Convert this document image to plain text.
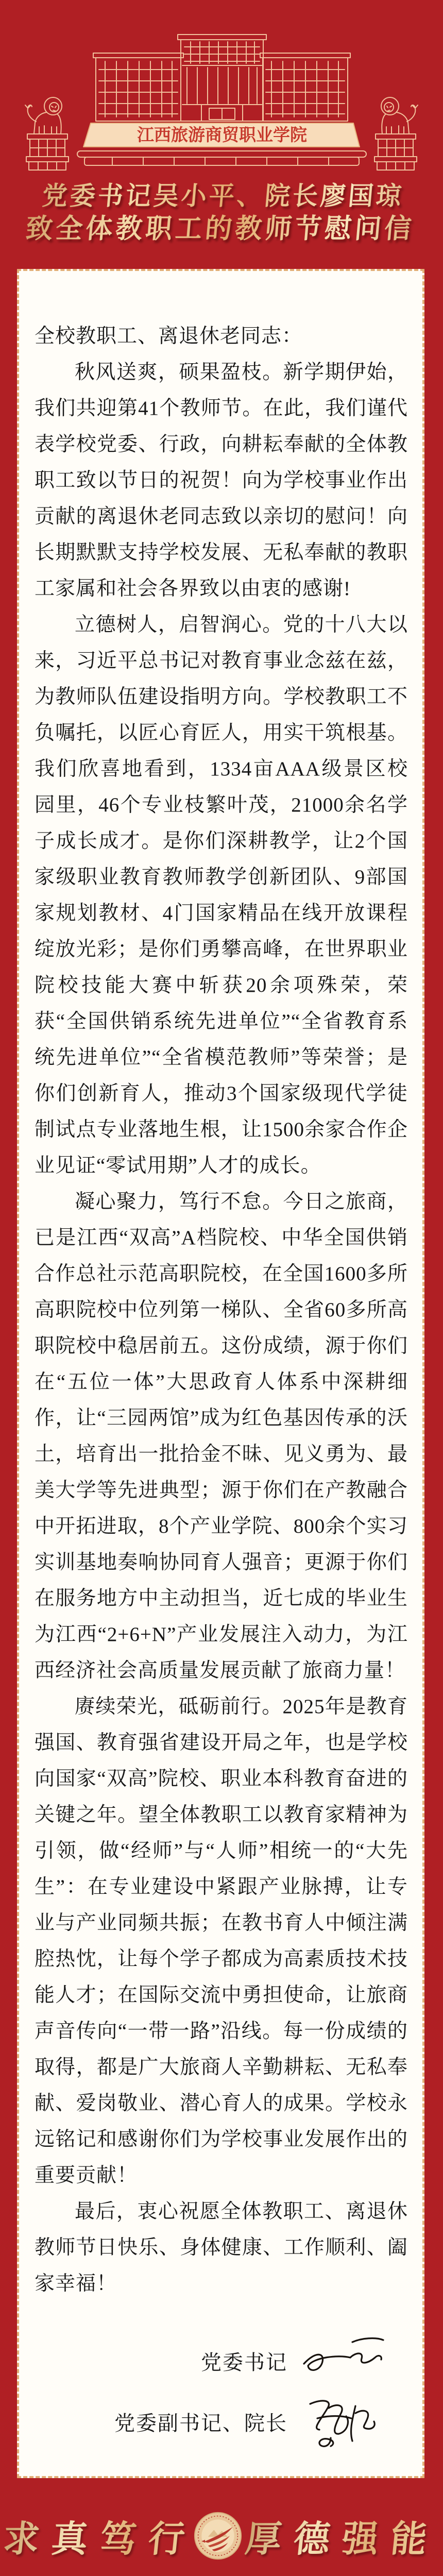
江西旅游商贸职业学院
党委书记吴小平、院长廖国琼
致全体教职工的教师节慰问信

全校教职工、离退休老同志：

秋风送爽，硕果盈枝。新学期伊始，我们共迎第41个教师节。在此，我们谨代表学校党委、行政，向耕耘奉献的全体教职工致以节日的祝贺！向为学校事业作出贡献的离退休老同志致以亲切的慰问！向长期默默支持学校发展、无私奉献的教职工家属和社会各界致以由衷的感谢!

立德树人，启智润心。党的十八大以来，习近平总书记对教育事业念兹在兹，为教师队伍建设指明方向。学校教职工不负嘱托，以匠心育匠人，用实干筑根基。我们欣喜地看到，1334亩AAA级景区校园里，46个专业枝繁叶茂，21000余名学子成长成才。是你们深耕教学，让2个国家级职业教育教师教学创新团队、9部国家规划教材、4门国家精品在线开放课程绽放光彩；是你们勇攀高峰，在世界职业院校技能大赛中斩获20余项殊荣，荣获“全国供销系统先进单位”“全省教育系统先进单位”“全省模范教师”等荣誉；是你们创新育人，推动3个国家级现代学徒制试点专业落地生根，让1500余家合作企业见证“零试用期”人才的成长。

凝心聚力，笃行不怠。今日之旅商，已是江西“双高”A档院校、中华全国供销合作总社示范高职院校，在全国1600多所高职院校中位列第一梯队、全省60多所高职院校中稳居前五。这份成绩，源于你们在“五位一体”大思政育人体系中深耕细作，让“三园两馆”成为红色基因传承的沃土，培育出一批拾金不昧、见义勇为、最美大学等先进典型；源于你们在产教融合中开拓进取，8个产业学院、800余个实习实训基地奏响协同育人强音；更源于你们在服务地方中主动担当，近七成的毕业生为江西“2+6+N”产业发展注入动力，为江西经济社会高质量发展贡献了旅商力量！

赓续荣光，砥砺前行。2025年是教育强国、教育强省建设开局之年，也是学校向国家“双高”院校、职业本科教育奋进的关键之年。望全体教职工以教育家精神为引领，做“经师”与“人师”相统一的“大先生”：在专业建设中紧跟产业脉搏，让专业与产业同频共振；在教书育人中倾注满腔热忱，让每个学子都成为高素质技术技能人才；在国际交流中勇担使命，让旅商声音传向“一带一路”沿线。每一份成绩的取得，都是广大旅商人辛勤耕耘、无私奉献、爱岗敬业、潜心育人的成果。学校永远铭记和感谢你们为学校事业发展作出的重要贡献！

最后，衷心祝愿全体教职工、离退休教师节日快乐、身体健康、工作顺利、阖家幸福！

党委书记
党委副书记、院长
求真笃行 厚德强能
